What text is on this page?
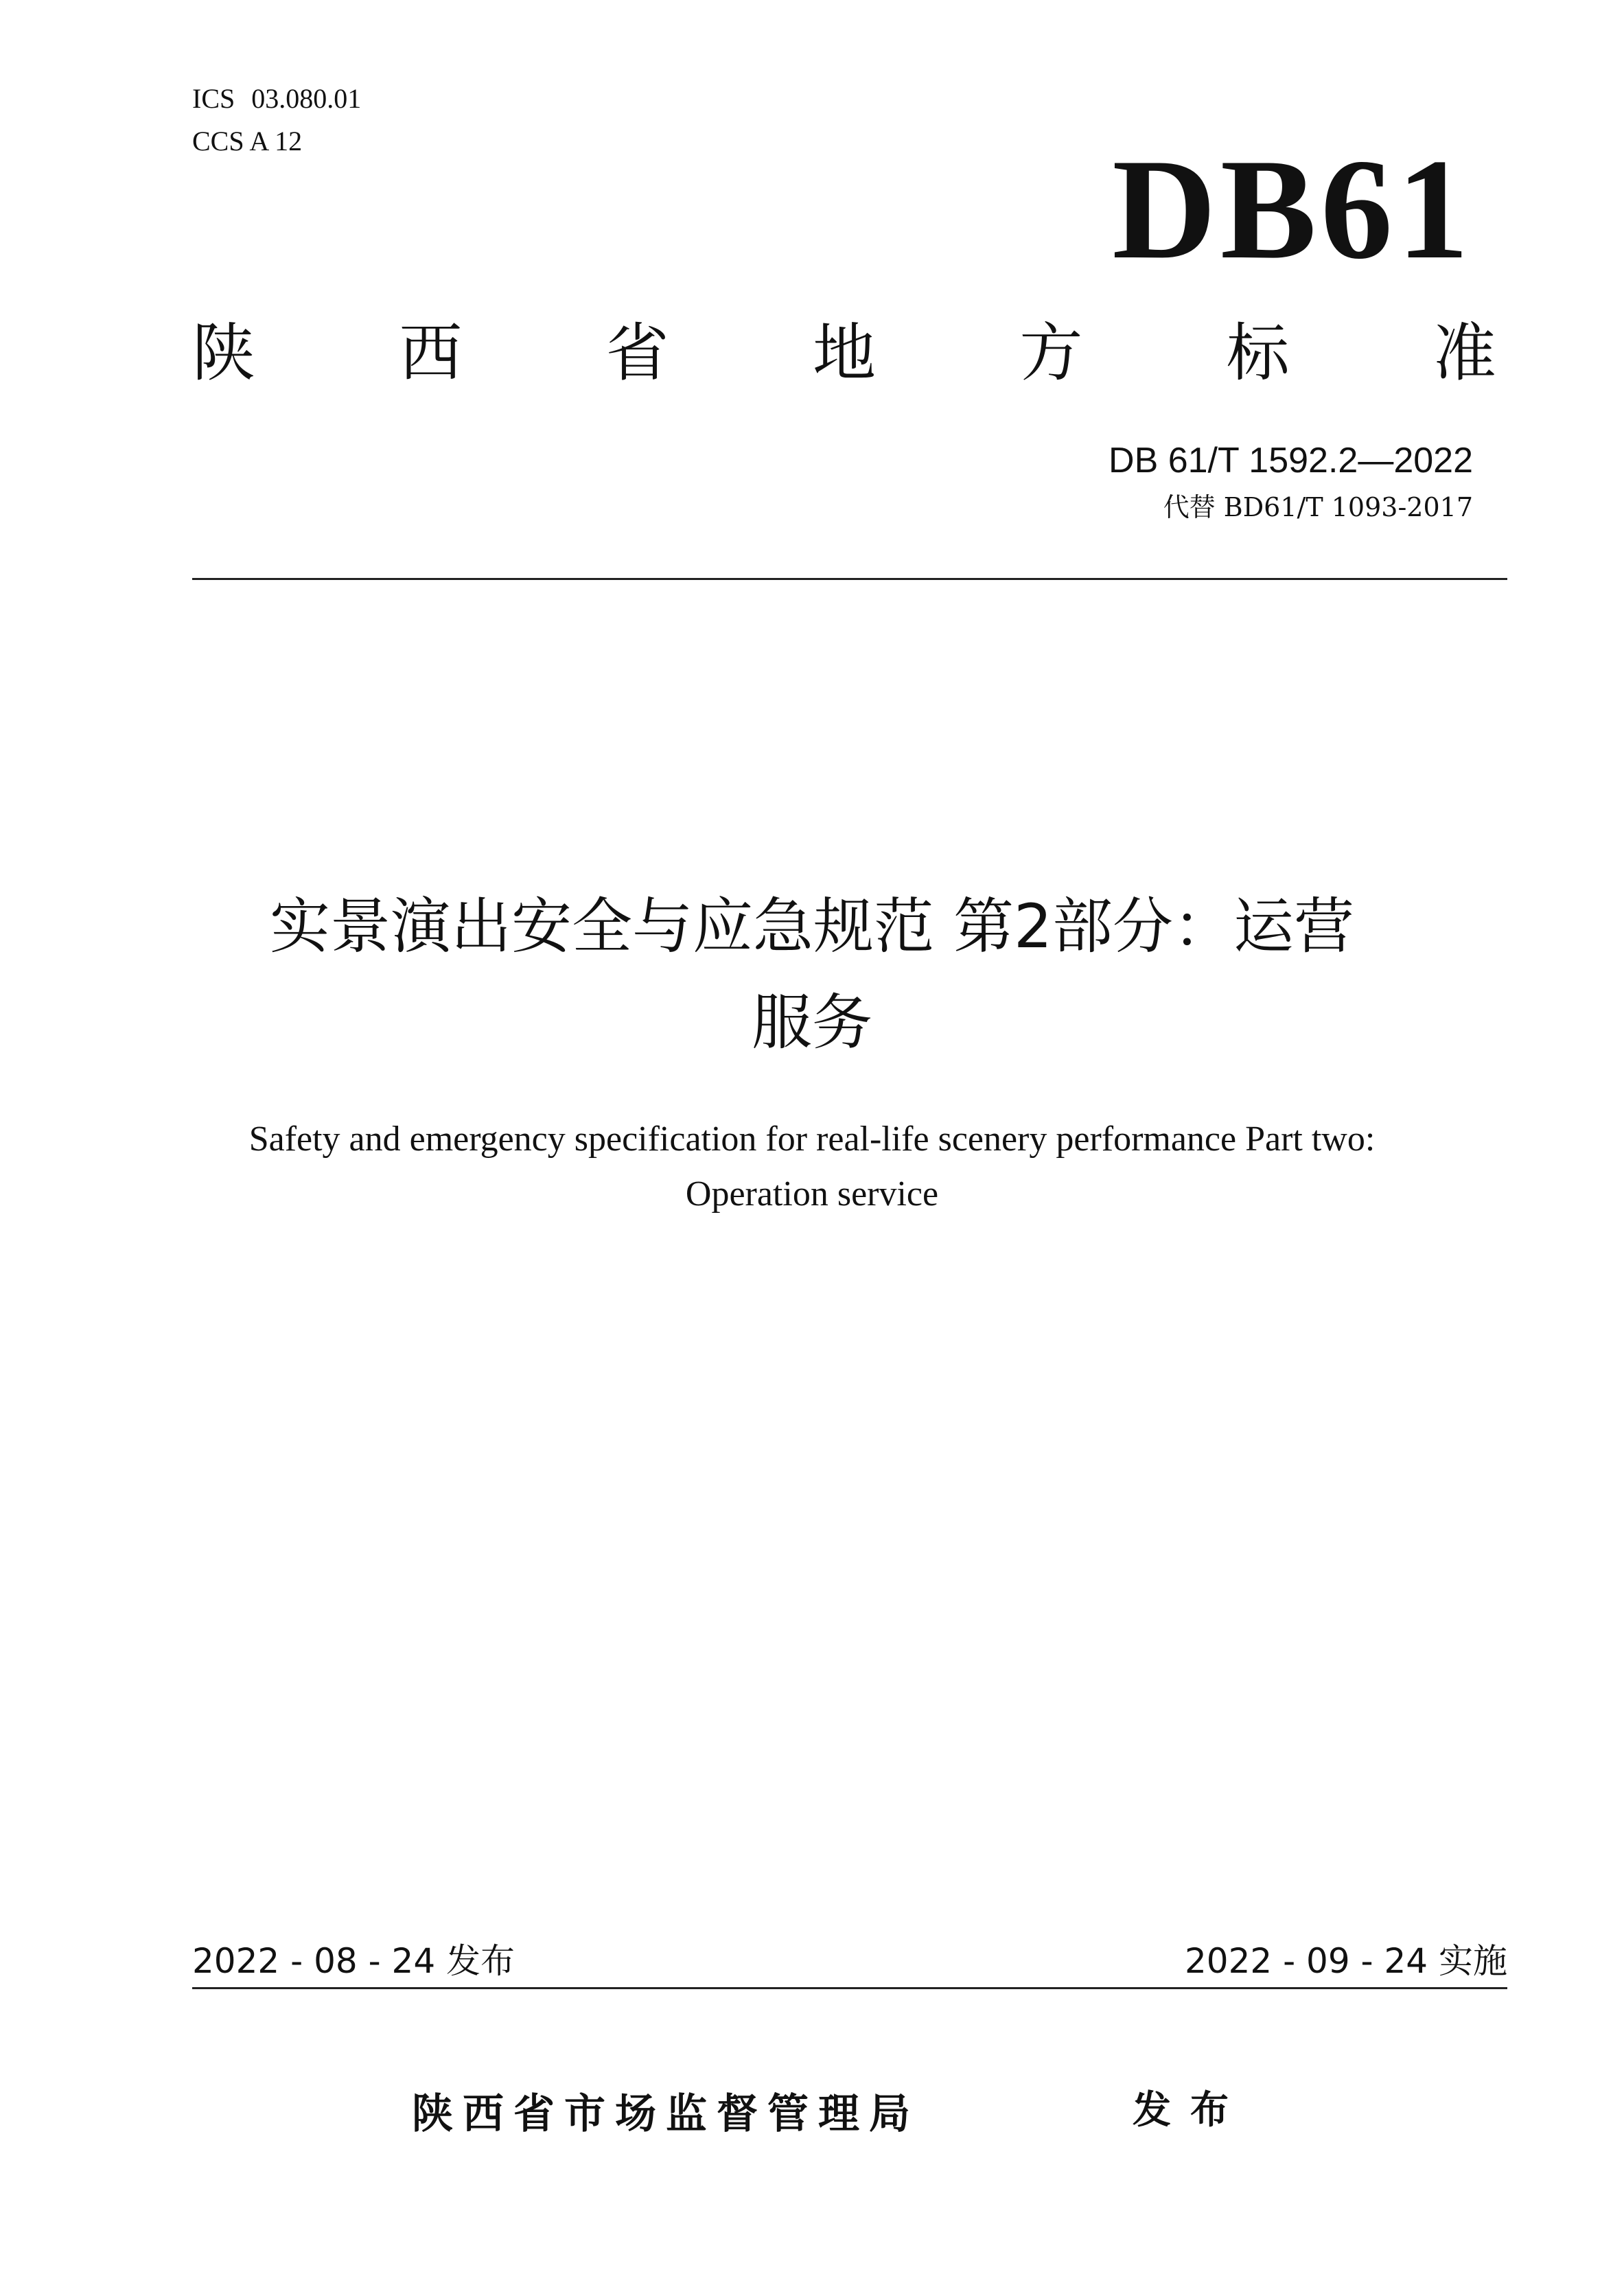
ICS 03.080.01
CCS A 12	DB61
陕 西 省 地 方 标 准
DB 61/T 1592.2—2022
代替 BD61/T 1093-2017
实景演出安全与应急规范 第2部分：运营
服务
Safety and emergency specification for real-life scenery performance Part two:
Operation service
2022 - 08 - 24 发布	2022 - 09 - 24 实施
陕西省市场监督管理局	发布
